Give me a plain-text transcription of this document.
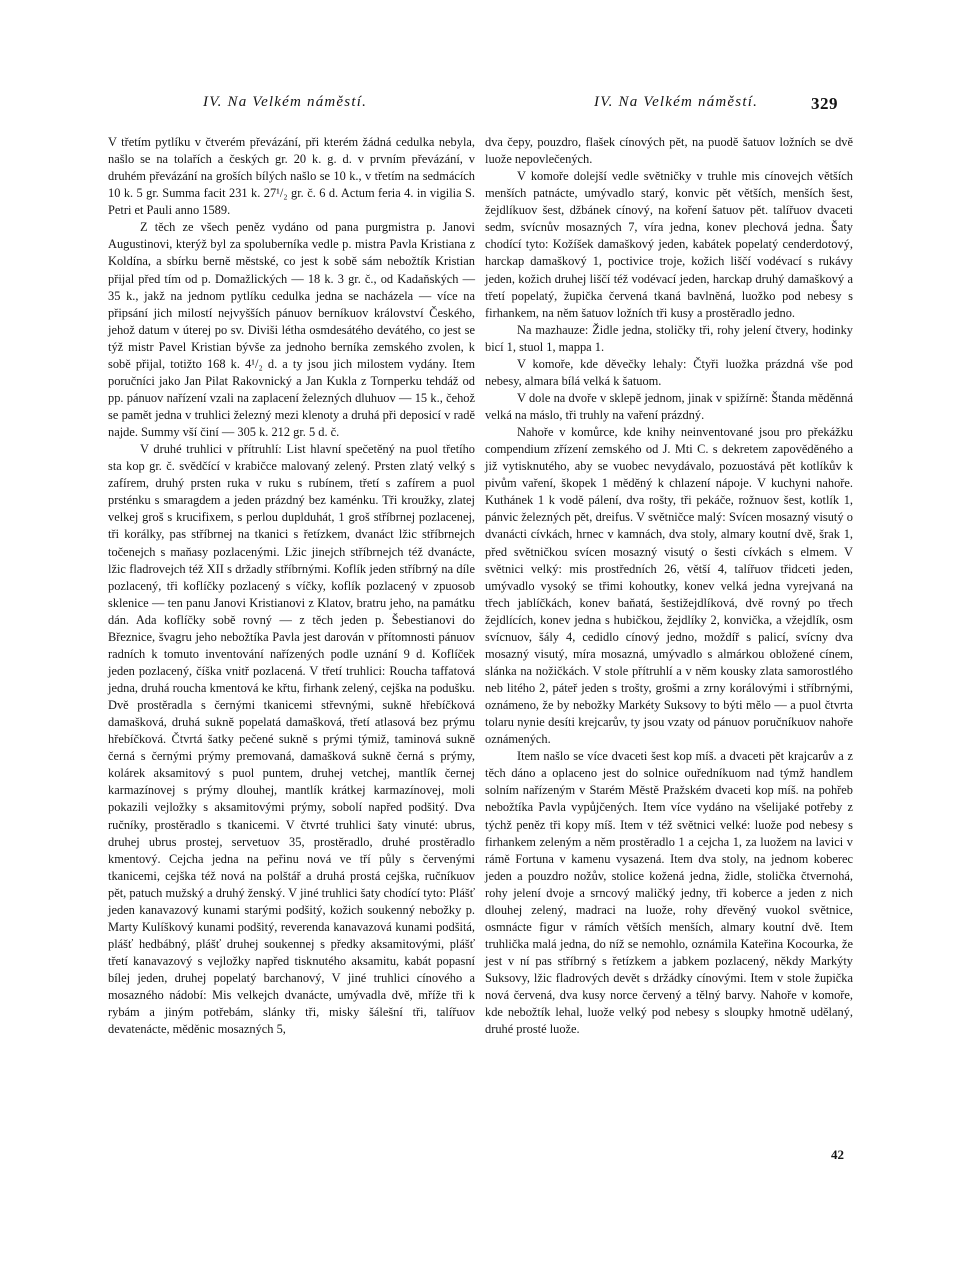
IV. Na Velkém náměstí.	IV. Na Velkém náměstí.	329

V třetím pytlíku v čtverém převázání, při kterém žádná cedulka nebyla, našlo se na tolařích a českých gr. 20 k. g. d. v prvním převázání, v druhém převázání na groších bílých našlo se 10 k., v třetím na sedmácích 10 k. 5 gr. Summa facit 231 k. 27¹/₂ gr. č. 6 d. Actum feria 4. in vigilia S. Petri et Pauli anno 1589.

Z těch ze všech peněz vydáno od pana purgmistra p. Janovi Augustinovi, kterýž byl za spoluberníka vedle p. mistra Pavla Kristiana z Koldína, a sbírku berně městské, co jest k sobě sám nebožtík Kristian přijal před tím od p. Domažlických — 18 k. 3 gr. č., od Kadaňských — 35 k., jakž na jednom pytlíku cedulka jedna se nacházela — více na připsání jich milostí nejvyšších pánuov berníkuov království Českého, jehož datum v úterej po sv. Diviši létha osmdesátého devátého, co jest se týž mistr Pavel Kristian bývše za jednoho berníka zemského zvolen, k sobě přijal, totižto 168 k. 4¹/₂ d. a ty jsou jich milostem vydány. Item poručníci jako Jan Pilat Rakovnický a Jan Kukla z Tornperku tehdáž od pp. pánuov nařízení vzali na zaplacení železných dluhuov — 15 k., čehož se pamět jedna v truhlici železný mezi klenoty a druhá při deposicí v radě najde. Summy vší činí — 305 k. 212 gr. 5 d. č.

V druhé truhlici v přítruhlí: List hlavní spečetěný na puol třetího sta kop gr. č. svědčící v krabičce malovaný zelený. Prsten zlatý velký s zafírem, druhý prsten ruka v ruku s rubínem, třetí s zafírem a puol prsténku s smaragdem a jeden prázdný bez kaménku. Tři kroužky, zlatej velkej groš s krucifixem, s perlou duplduhát, 1 groš stříbrnej pozlacenej, tři korálky, pas stříbrnej na tkanici s řetízkem, dvanáct lžic stříbrnejch točenejch s maňasy pozlacenými. Lžic jinejch stříbrnejch též dvanácte, lžic fladrovejch též XII s držadly stříbrnými. Koflík jeden stříbrný na díle pozlacený, tři koflíčky pozlacený s víčky, koflík pozlacený v zpuosob sklenice — ten panu Janovi Kristianovi z Klatov, bratru jeho, na památku dán. Ada koflíčky sobě rovný — z těch jeden p. Šebestianovi do Březnice, švagru jeho nebožtíka Pavla jest darován v přítomnosti pánuov radních k tomuto inventování nařízených podle uznání 9 d. Koflíček jeden pozlacený, číška vnitř pozlacená. V třetí truhlici: Roucha taffatová jedna, druhá roucha kmentová ke křtu, firhank zelený, cejška na podušku. Dvě prostěradla s černými tkanicemi střevnými, sukně hřebíčková damašková, druhá sukně popelatá damašková, třetí atlasová bez prýmu hřebíčková. Čtvrtá šatky pečené sukně s prými týmiž, taminová sukně černá s černými prýmy premovaná, damašková sukně černá s prýmy, kolárek aksamitový s puol puntem, druhej vetchej, mantlík černej karmazínovej s prýmy dlouhej, mantlík krátkej karmazínovej, moli pokazili vejložky s aksamitovými prýmy, sobolí napřed podšitý. Dva ručníky, prostěradlo s tkanicemi. V čtvrté truhlici šaty vinuté: ubrus, druhej ubrus prostej, servetuov 35, prostěradlo, druhé prostěradlo kmentový. Cejcha jedna na peřinu nová ve tří půly s červenými tkanicemi, cejška též nová na polštář a druhá prostá cejška, ručníkuov pět, patuch mužský a druhý ženský. V jiné truhlici šaty chodící tyto: Plášť jeden kanavazový kunami starými podšitý, kožich soukenný nebožky p. Marty Kulíškový kunami podšitý, reverenda kanavazová kunami podšitá, plášť hedbábný, plášť druhej soukennej s předky aksamitovými, plášť třetí kanavazový s vejložky napřed tisknutého aksamitu, kabát popasní bílej jeden, druhej popelatý barchanový, V jiné truhlici cínového a mosazného nádobí: Mis velkejch dvanácte, umývadla dvě, mříže tři k rybám a jiným potřebám, slánky tři, misky šálešní tři, talířuov devatenácte, měděnic mosazných 5,

dva čepy, pouzdro, flašek cínových pět, na puodě šatuov ložních se dvě luože nepovlečených.

V komoře dolejší vedle světničky v truhle mis cínovejch větších menších patnácte, umývadlo starý, konvic pět větších, menších šest, žejdlíkuov šest, džbánek cínový, na koření šatuov pět. talířuov dvaceti sedm, svícnův mosazných 7, víra jedna, konev plechová jedna. Šaty chodící tyto: Kožíšek damaškový jeden, kabátek popelatý cenderdotový, harckap damaškový 1, poctivice troje, kožich liščí vodévací s rukávy jeden, kožich druhej liščí též vodévací jeden, harckap druhý damaškový a třetí popelatý, župička červená tkaná bavlněná, luožko pod nebesy s firhankem, na něm šatuov ložních tři kusy a prostěradlo jedno.

Na mazhauze: Židle jedna, stoličky tři, rohy jelení čtvery, hodinky bicí 1, stuol 1, mappa 1.

V komoře, kde děvečky lehaly: Čtyři luožka prázdná vše pod nebesy, almara bílá velká k šatuom.

V dole na dvoře v sklepě jednom, jinak v spižírně: Štanda měděnná velká na máslo, tři truhly na vaření prázdný.

Nahoře v komůrce, kde knihy neinventované jsou pro překážku compendium zřízení zemského od J. Mti C. s dekretem zapověděného a již vytisknutého, aby se vuobec nevydávalo, pozuostává pět kotlíkův k pivům vaření, škopek 1 měděný k chlazení nápoje. V kuchyni nahoře. Kuthánek 1 k vodě pálení, dva rošty, tři pekáče, rožnuov šest, kotlík 1, pánvic železných pět, dreifus. V světničce malý: Svícen mosazný visutý o dvanácti cívkách, hrnec v kamnách, dva stoly, almary koutní dvě, šrak 1, před světničkou svícen mosazný visutý o šesti cívkách s elmem. V světnici velký: mis prostředních 26, větší 4, talířuov třidceti jeden, umývadlo vysoký se třimi kohoutky, konev velká jedna vyrejvaná na třech jablíčkách, konev baňatá, šestižejdlíková, dvě rovný po třech žejdlících, konev jedna s hubičkou, žejdlíky 2, konvička, a vžejdlík, osm svícnuov, šály 4, cedidlo cínový jedno, moždíř s palicí, svícny dva mosazný visutý, míra mosazná, umývadlo s almárkou obložené cínem, slánka na nožičkách. V stole přítruhlí a v něm kousky zlata samorostlého neb litého 2, páteř jeden s trošty, grošmi a zrny korálovými i stříbrnými, oznámeno, že by nebožky Markéty Suksovy to býti mělo — a puol čtvrta tolaru nynie desíti krejcarův, ty jsou vzaty od pánuov poručníkuov nahoře oznámených.

Item našlo se více dvaceti šest kop míš. a dvaceti pět krajcarův a z těch dáno a oplaceno jest do solnice ouředníkuom nad týmž handlem solním nařízeným v Starém Městě Pražském dvaceti kop míš. na pohřeb nebožtíka Pavla vypůjčených. Item více vydáno na všelijaké potřeby z týchž peněz tři kopy míš. Item v též světnici velké: luože pod nebesy s firhankem zeleným a něm prostěradlo 1 a cejcha 1, za luožem na lavici v rámě Fortuna v kamenu vysazená. Item dva stoly, na jednom koberec jeden a pouzdro nožův, stolice kožená jedna, židle, stolička čtvernohá, rohy jelení dvoje a srncový maličký jedny, tři koberce a jeden z nich dlouhej zelený, madraci na luože, rohy dřevěný vuokol světnice, osmnácte figur v rámích větších menších, almary koutní dvě. Item truhlička malá jedna, do níž se nemohlo, oznámila Kateřina Kocourka, že jest v ní pas stříbrný s řetízkem a jabkem pozlacený, někdy Markýty Suksovy, lžic fladrových devět s držádky cínovými. Item v stole župička nová červená, dva kusy norce červený a tělný barvy. Nahoře v komoře, kde nebožtík lehal, luože velký pod nebesy s sloupky hmotně udělaný, druhé prosté luože.

42
